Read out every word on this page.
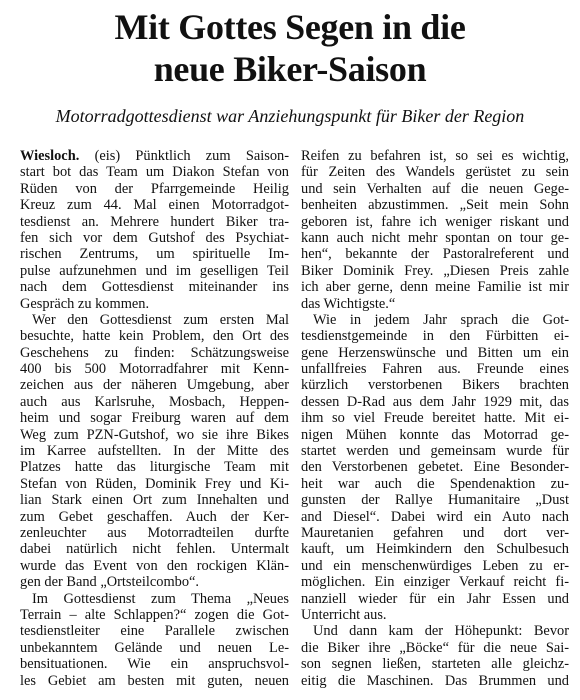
Mit Gottes Segen in die
neue Biker-Saison
Motorradgottesdienst war Anziehungspunkt für Biker der Region
Wiesloch. (eis) Pünktlich zum Saison-
start bot das Team um Diakon Stefan von
Rüden von der Pfarrgemeinde Heilig
Kreuz zum 44. Mal einen Motorradgot-
tesdienst an. Mehrere hundert Biker tra-
fen sich vor dem Gutshof des Psychiat-
rischen Zentrums, um spirituelle Im-
pulse aufzunehmen und im geselligen Teil
nach dem Gottesdienst miteinander ins
Gespräch zu kommen.
Wer den Gottesdienst zum ersten Mal
besuchte, hatte kein Problem, den Ort des
Geschehens zu finden: Schätzungsweise
400 bis 500 Motorradfahrer mit Kenn-
zeichen aus der näheren Umgebung, aber
auch aus Karlsruhe, Mosbach, Heppen-
heim und sogar Freiburg waren auf dem
Weg zum PZN-Gutshof, wo sie ihre Bikes
im Karree aufstellten. In der Mitte des
Platzes hatte das liturgische Team mit
Stefan von Rüden, Dominik Frey und Ki-
lian Stark einen Ort zum Innehalten und
zum Gebet geschaffen. Auch der Ker-
zenleuchter aus Motorradteilen durfte
dabei natürlich nicht fehlen. Untermalt
wurde das Event von den rockigen Klän-
gen der Band „Ortsteilcombo“.
Im Gottesdienst zum Thema „Neues
Terrain – alte Schlappen?“ zogen die Got-
tesdienstleiter eine Parallele zwischen
unbekanntem Gelände und neuen Le-
bensituationen. Wie ein anspruchsvol-
les Gebiet am besten mit guten, neuen
Reifen zu befahren ist, so sei es wichtig,
für Zeiten des Wandels gerüstet zu sein
und sein Verhalten auf die neuen Gege-
benheiten abzustimmen. „Seit mein Sohn
geboren ist, fahre ich weniger riskant und
kann auch nicht mehr spontan on tour ge-
hen“, bekannte der Pastoralreferent und
Biker Dominik Frey. „Diesen Preis zahle
ich aber gerne, denn meine Familie ist mir
das Wichtigste.“
Wie in jedem Jahr sprach die Got-
tesdienstgemeinde in den Fürbitten ei-
gene Herzenswünsche und Bitten um ein
unfallfreies Fahren aus. Freunde eines
kürzlich verstorbenen Bikers brachten
dessen D-Rad aus dem Jahr 1929 mit, das
ihm so viel Freude bereitet hatte. Mit ei-
nigen Mühen konnte das Motorrad ge-
startet werden und gemeinsam wurde für
den Verstorbenen gebetet. Eine Besonder-
heit war auch die Spendenaktion zu-
gunsten der Rallye Humanitaire „Dust
and Diesel“. Dabei wird ein Auto nach
Mauretanien gefahren und dort ver-
kauft, um Heimkindern den Schulbesuch
und ein menschenwürdiges Leben zu er-
möglichen. Ein einziger Verkauf reicht fi-
nanziell wieder für ein Jahr Essen und
Unterricht aus.
Und dann kam der Höhepunkt: Bevor
die Biker ihre „Böcke“ für die neue Sai-
son segnen ließen, starteten alle gleichz-
eitig die Maschinen. Das Brummen und
